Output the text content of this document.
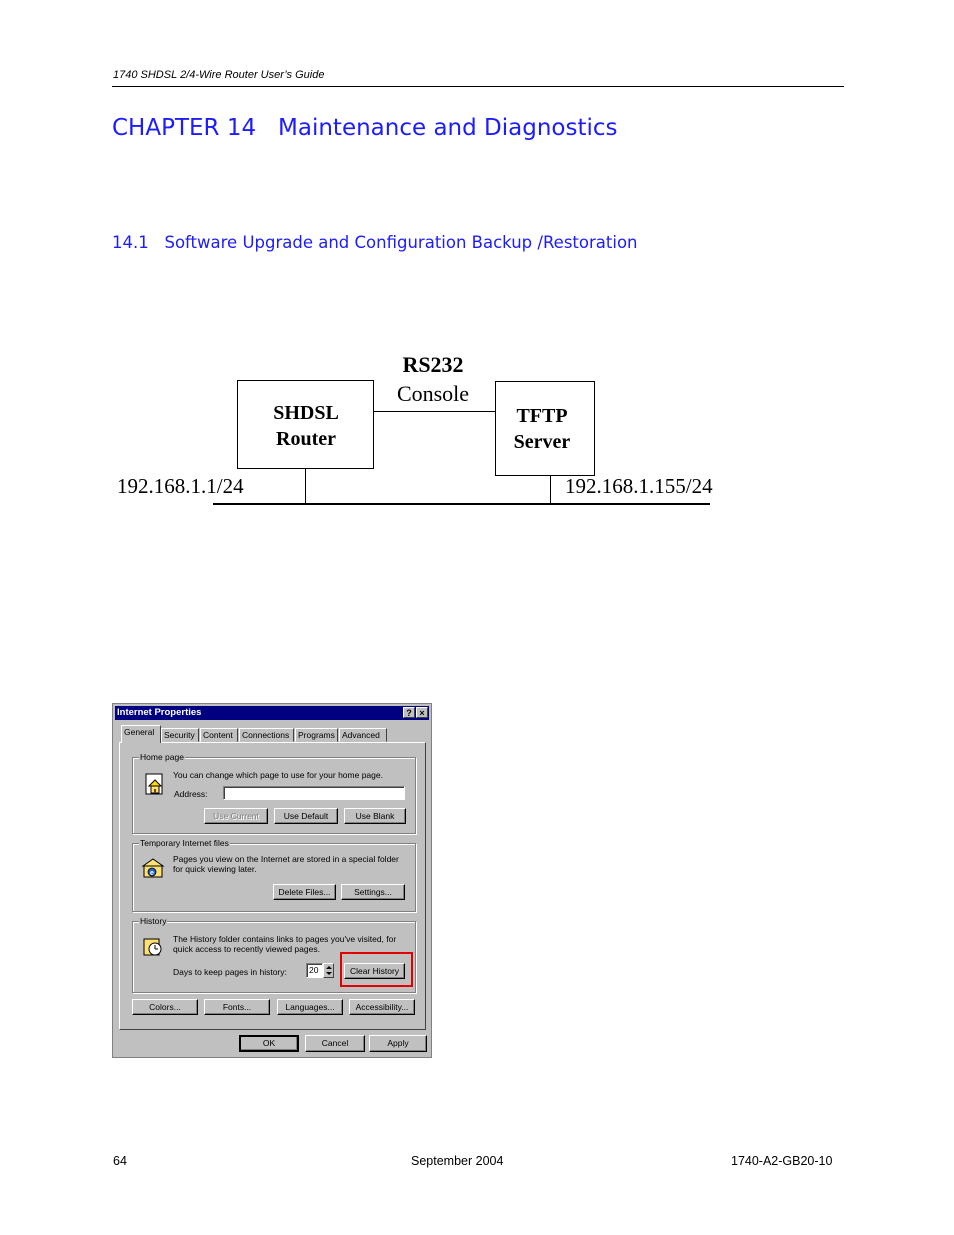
1740 SHDSL 2/4-Wire Router User’s Guide
CHAPTER 14   Maintenance and Diagnostics
14.1   Software Upgrade and Configuration Backup /Restoration
RS232
Console
SHDSL
Router
TFTP
Server
192.168.1.1/24	192.168.1.155/24
Internet Properties	? ×
General	Security Content	Connections	Programs Advanced
Home page
You can change which page to use for your home page.
Address:
Use Current	Use Default	Use Blank
Temporary Internet files
e
Pages you view on the Internet are stored in a special folder
for quick viewing later.
Delete Files...	Settings...
History
The History folder contains links to pages you've visited, for
quick access to recently viewed pages.
Days to keep pages in history:	20	Clear History
Colors...	Fonts...	Languages...	Accessibility...
OK	Cancel	Apply
64	September 2004	1740-A2-GB20-10
